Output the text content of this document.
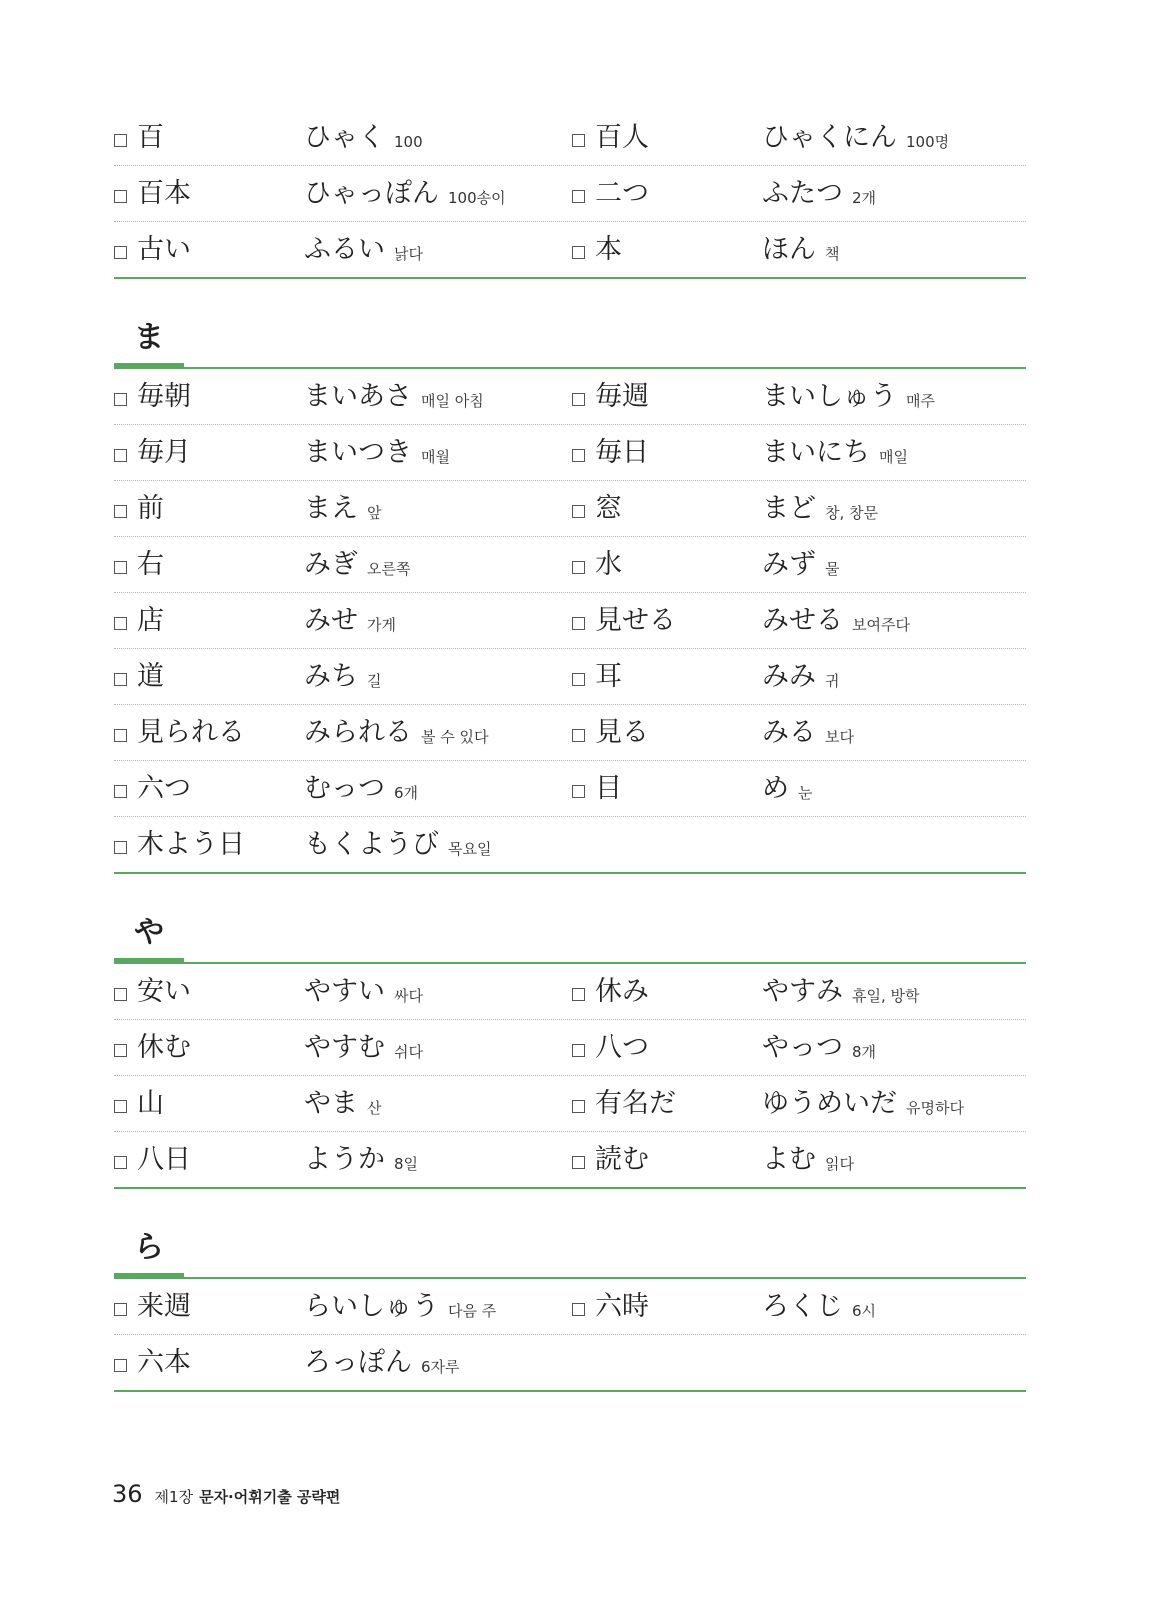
百	ひゃく 100	百人	ひゃくにん 100명
百本	ひゃっぽん 100송이	二つ	ふたつ 2개
古い	ふるい 낡다	本	ほん 책
ま
毎朝	まいあさ 매일 아침	毎週	まいしゅう 매주
毎月	まいつき 매월	毎日	まいにち 매일
前	まえ 앞	窓	まど 창, 창문
右	みぎ 오른쪽	水	みず 물
店	みせ 가게	見せる	みせる 보여주다
道	みち 길	耳	みみ 귀
見られる みられる 볼 수 있다	見る	みる 보다
六つ	むっつ 6개	目	め 눈
木よう日 もくようび 목요일
や
安い	やすい 싸다	休み	やすみ 휴일, 방학
休む	やすむ 쉬다	八つ	やっつ 8개
山	やま 산	有名だ	ゆうめいだ 유명하다
八日	ようか 8일	読む	よむ 읽다
ら
来週	らいしゅう 다음 주	六時	ろくじ 6시
六本	ろっぽん 6자루
36 제1장 문자·어휘기출 공략편
